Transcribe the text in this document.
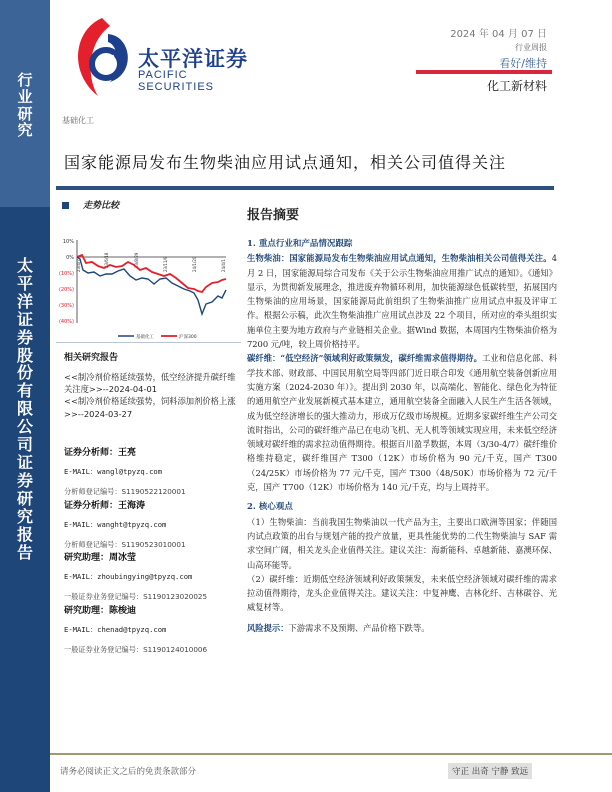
行
业
研
究
太
平
洋
证
券
股
份
有
限
公
司
证
券
研
究
报
告
太平洋证券
PACIFIC SECURITIES
基础化工
2024 年 04 月 07 日
行业周报
看好/维持
化工新材料
国家能源局发布生物柴油应用试点通知，相关公司值得关注
走势比较
10%
0%
(10%)
(20%)
(30%)
(40%)
23/4/7	23/6/18	23/8/29	23/11/9	24/1/20	24/4/1
基础化工	沪深300
相关研究报告
<<制冷剂价格延续强势，低空经济提升碳纤维关注度>>--2024-04-01
<<制冷剂价格延续强势，饲料添加剂价格上涨>>--2024-03-27
证券分析师：王亮
E-MAIL：wangl@tpyzq.com
分析师登记编号：S1190522120001
证券分析师：王海涛
E-MAIL：wanght@tpyzq.com
分析师登记编号：S1190523010001
研究助理：周冰莹
E-MAIL：zhoubingying@tpyzq.com
一般证券业务登记编号：S1190123020025
研究助理：陈梭迪
E-MAIL：chenad@tpyzq.com
一般证券业务登记编号：S1190124010006
报告摘要
1. 重点行业和产品情况跟踪
生物柴油：国家能源局发布生物柴油应用试点通知，生物柴油相关公司值得关注。4 月 2 日，国家能源局综合司发布《关于公示生物柴油应用推广试点的通知》。《通知》显示，为贯彻新发展理念，推进废弃物循环利用，加快能源绿色低碳转型，拓展国内生物柴油的应用场景，国家能源局此前组织了生物柴油推广应用试点申报及评审工作。根据公示稿，此次生物柴油推广应用试点涉及 22 个项目，所对应的牵头组织实施单位主要为地方政府与产业链相关企业。据Wind 数据，本周国内生物柴油价格为 7200 元/吨，较上周价格持平。
碳纤维：“低空经济”领域利好政策频发，碳纤维需求值得期待。工业和信息化部、科学技术部、财政部、中国民用航空局等四部门近日联合印发《通用航空装备创新应用实施方案（2024-2030 年）》。提出到 2030 年，以高端化、智能化、绿色化为特征的通用航空产业发展新模式基本建立，通用航空装备全面融入人民生产生活各领域，成为低空经济增长的强大推动力，形成万亿级市场规模。近期多家碳纤维生产公司交流时指出，公司的碳纤维产品已在电动飞机、无人机等领域实现应用，未来低空经济领域对碳纤维的需求拉动值得期待。根据百川盈孚数据，本周（3/30-4/7）碳纤维价格维持稳定，碳纤维国产 T300（12K）市场价格为 90 元/千克，国产 T300（24/25K）市场价格为 77 元/千克，国产 T300（48/50K）市场价格为 72 元/千克，国产 T700（12K）市场价格为 140 元/千克，均与上周持平。
2. 核心观点
（1）生物柴油：当前我国生物柴油以一代产品为主，主要出口欧洲等国家；伴随国内试点政策的出台与规划产能的投产放量，更具性能优势的二代生物柴油与 SAF 需求空间广阔，相关龙头企业值得关注。建议关注：海新能科、卓越新能、嘉澳环保、山高环能等。
（2）碳纤维：近期低空经济领域利好政策频发，未来低空经济领域对碳纤维的需求拉动值得期待，龙头企业值得关注。建议关注：中复神鹰、吉林化纤、吉林碳谷、光威复材等。
风险提示：下游需求不及预期、产品价格下跌等。
请务必阅读正文之后的免责条款部分	守正 出奇 宁静 致远
